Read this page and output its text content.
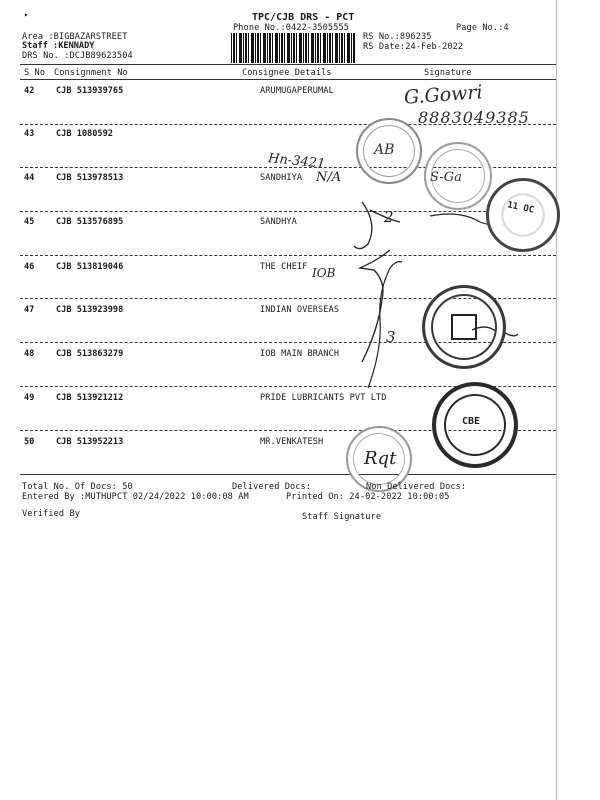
▸	TPC/CJB DRS - PCT
Phone No.:0422-3505555	Page No.:4
Area :BIGBAZARSTREET
Staff :KENNADY
DRS No. :DCJB89623504
RS No.:896235
RS Date:24-Feb-2022
S No Consignment No	Consignee Details	Signature
42	CJB 513939765	ARUMUGAPERUMAL
43	CJB 1080592
44	CJB 513978513	SANDHIYA
45	CJB 513576895	SANDHYA
46	CJB 513819046	THE CHEIF
47	CJB 513923998	INDIAN OVERSEAS
48	CJB 513863279	IOB MAIN BRANCH
49	CJB 513921212	PRIDE LUBRICANTS PVT LTD
50	CJB 513952213	MR.VENKATESH
G.Gowri
8883049385
Hn-3421
N/A
IOB
2
3
AB
S-Ga
11 OC
CBE
Rqt
Total No. Of Docs: 50	Delivered Docs:	Non Delivered Docs:
Entered By :MUTHUPCT 02/24/2022 10:00:08 AM	Printed On: 24-02-2022 10:00:05
Verified By	Staff Signature
